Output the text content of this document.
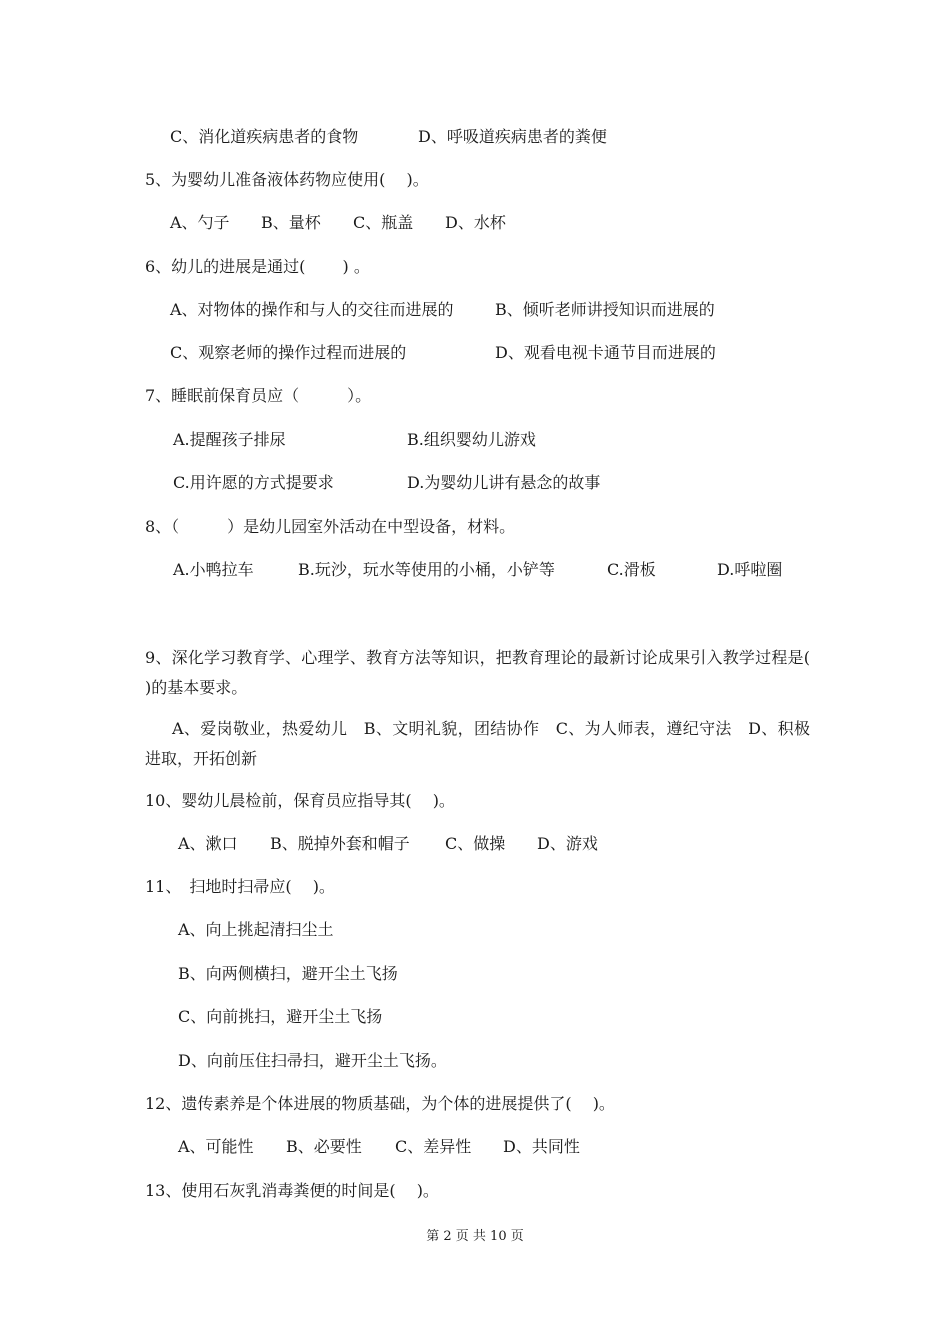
C、消化道疾病患者的食物	D、呼吸道疾病患者的粪便
5、为婴幼儿准备液体药物应使用(　 )。
A、勺子 B、量杯 C、瓶盖 D、水杯
6、幼儿的进展是通过(　　 ) 。
A、对物体的操作和与人的交往而进展的	B、倾听老师讲授知识而进展的
C、观察老师的操作过程而进展的	D、观看电视卡通节目而进展的
7、睡眠前保育员应（　　　）。
A.提醒孩子排尿	B.组织婴幼儿游戏
C.用许愿的方式提要求	D.为婴幼儿讲有悬念的故事
8、（　　　）是幼儿园室外活动在中型设备，材料。
A.小鸭拉车	B.玩沙，玩水等使用的小桶，小铲等	C.滑板	D.呼啦圈
9、深化学习教育学、心理学、教育方法等知识，把教育理论的最新讨论成果引入教学过程是(　 )的基本要求。
A、爱岗敬业，热爱幼儿　B、文明礼貌，团结协作　C、为人师表，遵纪守法　D、积极进取，开拓创新
10、婴幼儿晨检前，保育员应指导其(　 )。
A、漱口 B、脱掉外套和帽子 C、做操 D、游戏
11、　扫地时扫帚应(　 )。
A、向上挑起清扫尘土
B、向两侧横扫，避开尘土飞扬
C、向前挑扫，避开尘土飞扬
D、向前压住扫帚扫，避开尘土飞扬。
12、遗传素养是个体进展的物质基础，为个体的进展提供了(　 )。
A、可能性 B、必要性 C、差异性 D、共同性
13、使用石灰乳消毒粪便的时间是(　 )。
第 2 页 共 10 页
